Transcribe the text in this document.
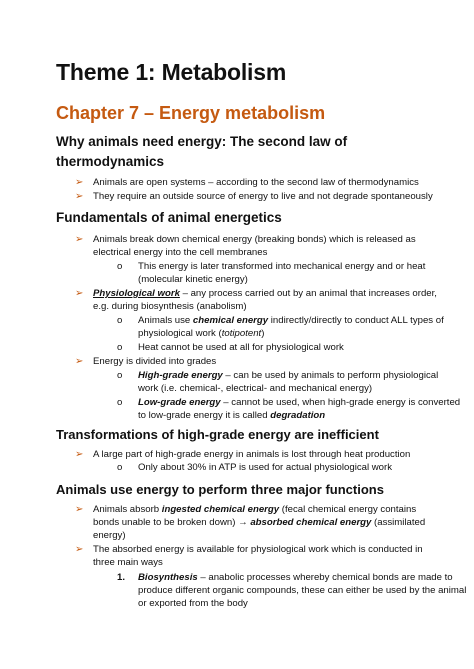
Theme 1: Metabolism
Chapter 7 – Energy metabolism
Why animals need energy: The second law of
thermodynamics
➢ Animals are open systems – according to the second law of thermodynamics
➢ They require an outside source of energy to live and not degrade spontaneously
Fundamentals of animal energetics
➢ Animals break down chemical energy (breaking bonds) which is released as
electrical energy into the cell membranes
o This energy is later transformed into mechanical energy and or heat
(molecular kinetic energy)
➢ Physiological work – any process carried out by an animal that increases order,
e.g. during biosynthesis (anabolism)
o Animals use chemical energy indirectly/directly to conduct ALL types of
physiological work (totipotent)
o Heat cannot be used at all for physiological work
➢ Energy is divided into grades
o High-grade energy – can be used by animals to perform physiological
work (i.e. chemical-, electrical- and mechanical energy)
o Low-grade energy – cannot be used, when high-grade energy is converted
to low-grade energy it is called degradation
Transformations of high-grade energy are inefficient
➢ A large part of high-grade energy in animals is lost through heat production
o Only about 30% in ATP is used for actual physiological work
Animals use energy to perform three major functions
➢ Animals absorb ingested chemical energy (fecal chemical energy contains
bonds unable to be broken down) → absorbed chemical energy (assimilated
energy)
➢ The absorbed energy is available for physiological work which is conducted in
three main ways
1. Biosynthesis – anabolic processes whereby chemical bonds are made to
produce different organic compounds, these can either be used by the animal
or exported from the body
